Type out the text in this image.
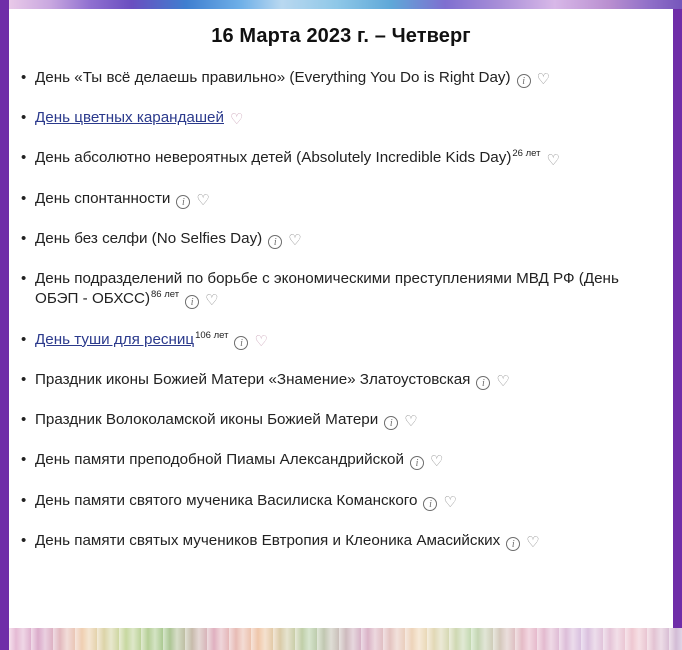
16 Марта 2023 г. – Четверг
• День «Ты всё делаешь правильно» (Everything You Do is Right Day) i ♡
• День цветных карандашей ♡
• День абсолютно невероятных детей (Absolutely Incredible Kids Day)$^{26 лет}$ ♡
• День спонтанности i ♡
• День без селфи (No Selfies Day) i ♡
• День подразделений по борьбе с экономическими преступлениями МВД РФ (День ОБЭП - ОБХСС)$^{86 лет}$i ♡
• День туши для ресниц$^{106 лет}$i ♡
• Праздник иконы Божией Матери «Знамение» Златоустовская i ♡
• Праздник Волоколамской иконы Божией Матери i ♡
• День памяти преподобной Пиамы Александрийской i ♡
• День памяти святого мученика Василиска Команского i ♡
• День памяти святых мучеников Евтропия и Клеоника Амасийских i ♡
